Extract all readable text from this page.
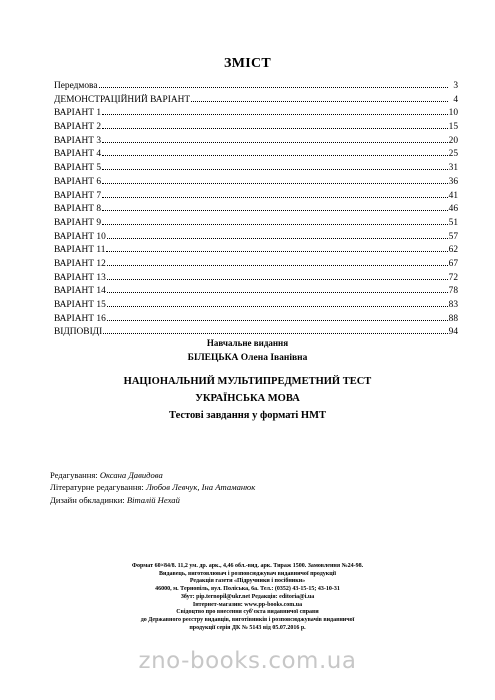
ЗМІСТ
Передмова	3
ДЕМОНСТРАЦІЙНИЙ ВАРІАНТ	4
ВАРІАНТ 1	10
ВАРІАНТ 2	15
ВАРІАНТ 3	20
ВАРІАНТ 4	25
ВАРІАНТ 5	31
ВАРІАНТ 6	36
ВАРІАНТ 7	41
ВАРІАНТ 8	46
ВАРІАНТ 9	51
ВАРІАНТ 10	57
ВАРІАНТ 11	62
ВАРІАНТ 12	67
ВАРІАНТ 13	72
ВАРІАНТ 14	78
ВАРІАНТ 15	83
ВАРІАНТ 16	88
ВІДПОВІДІ	94
Навчальне видання
БІЛЕЦЬКА Олена Іванівна
НАЦІОНАЛЬНИЙ МУЛЬТИПРЕДМЕТНИЙ ТЕСТ
УКРАЇНСЬКА МОВА
Тестові завдання у форматі НМТ
Редагування: Оксана Давидова
Літературне редагування: Любов Левчук, Іна Атаманюк
Дизайн обкладинки: Віталій Нехай
Формат 60×84/8. 11,2 ум. др. арк., 4,46 обл.-вид. арк. Тираж 1500. Замовлення №24-98.
Видавець, виготовлювач і розповсюджувач видавничої продукції
Редакція газети «Підручники і посібники»
46000, м. Тернопіль, вул. Поліська, 6а. Тел.: (0352) 43-15-15; 43-10-31
Збут: pip.ternopil@ukr.net Редакція: editoria@i.ua
Інтернет-магазин: www.pp-books.com.ua
Свідоцтво про внесення суб'єкта видавничої справи
до Державного реєстру видавців, виготівників і розповсюджувачів видавничої
продукції серія ДК № 5143 від 05.07.2016 р.
zno-books.com.ua
